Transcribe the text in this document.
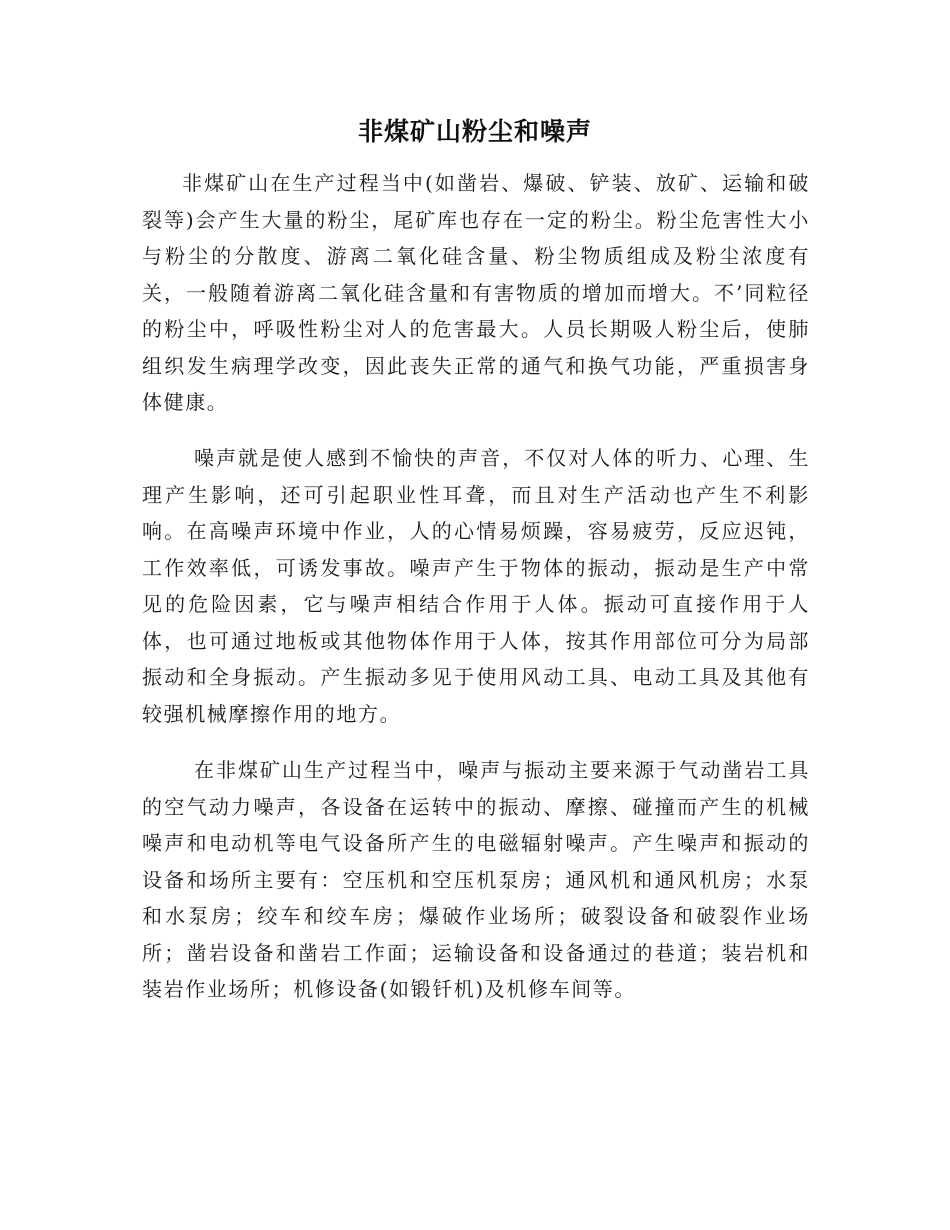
非煤矿山粉尘和噪声

非煤矿山在生产过程当中(如凿岩、爆破、铲装、放矿、运输和破裂等)会产生大量的粉尘，尾矿库也存在一定的粉尘。粉尘危害性大小与粉尘的分散度、游离二氧化硅含量、粉尘物质组成及粉尘浓度有关，一般随着游离二氧化硅含量和有害物质的增加而增大。不’同粒径的粉尘中，呼吸性粉尘对人的危害最大。人员长期吸人粉尘后，使肺组织发生病理学改变，因此丧失正常的通气和换气功能，严重损害身体健康。

噪声就是使人感到不愉快的声音，不仅对人体的听力、心理、生理产生影响，还可引起职业性耳聋，而且对生产活动也产生不利影响。在高噪声环境中作业，人的心情易烦躁，容易疲劳，反应迟钝，工作效率低，可诱发事故。噪声产生于物体的振动，振动是生产中常见的危险因素，它与噪声相结合作用于人体。振动可直接作用于人体，也可通过地板或其他物体作用于人体，按其作用部位可分为局部振动和全身振动。产生振动多见于使用风动工具、电动工具及其他有较强机械摩擦作用的地方。

在非煤矿山生产过程当中，噪声与振动主要来源于气动凿岩工具的空气动力噪声，各设备在运转中的振动、摩擦、碰撞而产生的机械噪声和电动机等电气设备所产生的电磁辐射噪声。产生噪声和振动的设备和场所主要有：空压机和空压机泵房；通风机和通风机房；水泵和水泵房；绞车和绞车房；爆破作业场所；破裂设备和破裂作业场所；凿岩设备和凿岩工作面；运输设备和设备通过的巷道；装岩机和装岩作业场所；机修设备(如锻钎机)及机修车间等。
